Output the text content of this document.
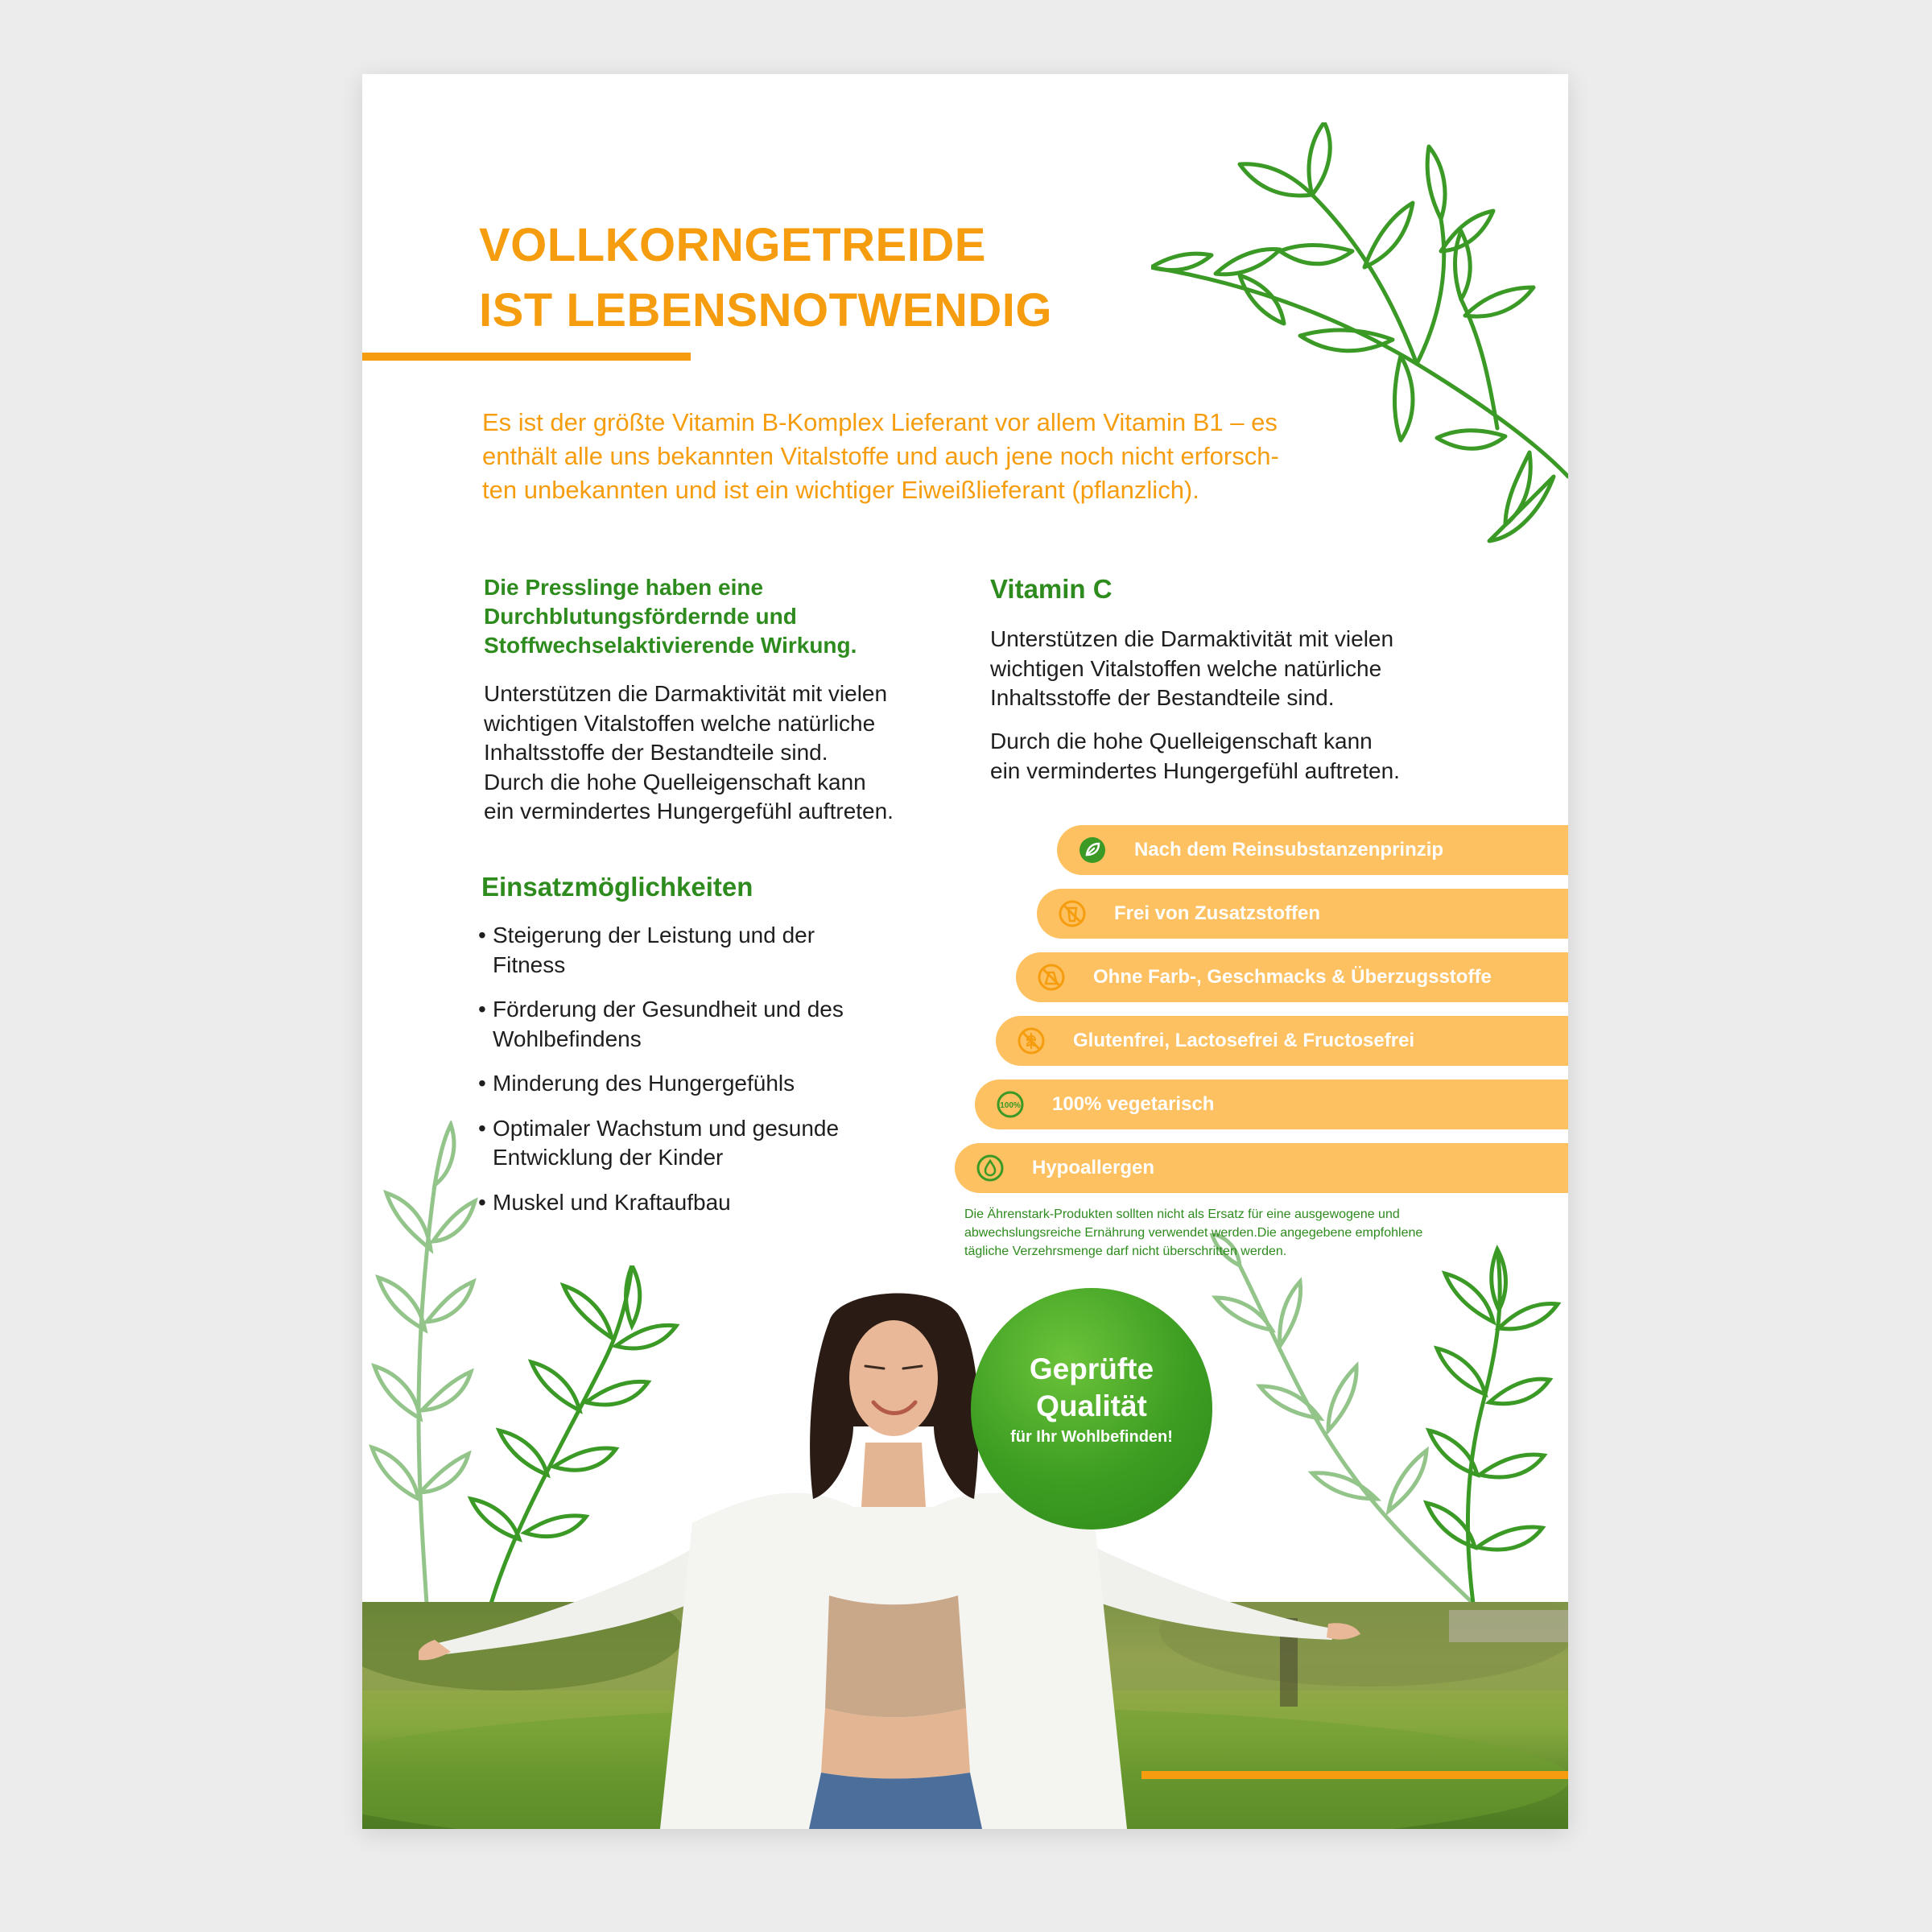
VOLLKORNGETREIDE
IST LEBENSNOTWENDIG

Es ist der größte Vitamin B-Komplex Lieferant vor allem Vitamin B1 – es
enthält alle uns bekannten Vitalstoffe und auch jene noch nicht erforsch-
ten unbekannten und ist ein wichtiger Eiweißlieferant (pflanzlich).

Die Presslinge haben eine
Durchblutungsfördernde und
Stoffwechselaktivierende Wirkung.

Unterstützen die Darmaktivität mit vielen
wichtigen Vitalstoffen welche natürliche
Inhaltsstoffe der Bestandteile sind.
Durch die hohe Quelleigenschaft kann
ein vermindertes Hungergefühl auftreten.

Vitamin C

Unterstützen die Darmaktivität mit vielen
wichtigen Vitalstoffen welche natürliche
Inhaltsstoffe der Bestandteile sind.

Durch die hohe Quelleigenschaft kann
ein vermindertes Hungergefühl auftreten.

Einsatzmöglichkeiten
• Steigerung der Leistung und der
Fitness
• Förderung der Gesundheit und des
Wohlbefindens
• Minderung des Hungergefühls
• Optimaler Wachstum und gesunde
Entwicklung der Kinder
• Muskel und Kraftaufbau
Nach dem Reinsubstanzenprinzip
Frei von Zusatzstoffen
Ohne Farb-, Geschmacks & Überzugsstoffe
Glutenfrei, Lactosefrei & Fructosefrei
100% 100% vegetarisch
Hypoallergen

Die Ährenstark-Produkten sollten nicht als Ersatz für eine ausgewogene und
abwechslungsreiche Ernährung verwendet werden.Die angegebene empfohlene
tägliche Verzehrsmenge darf nicht überschritten werden.

Geprüfte
Qualität
für Ihr Wohlbefinden!
